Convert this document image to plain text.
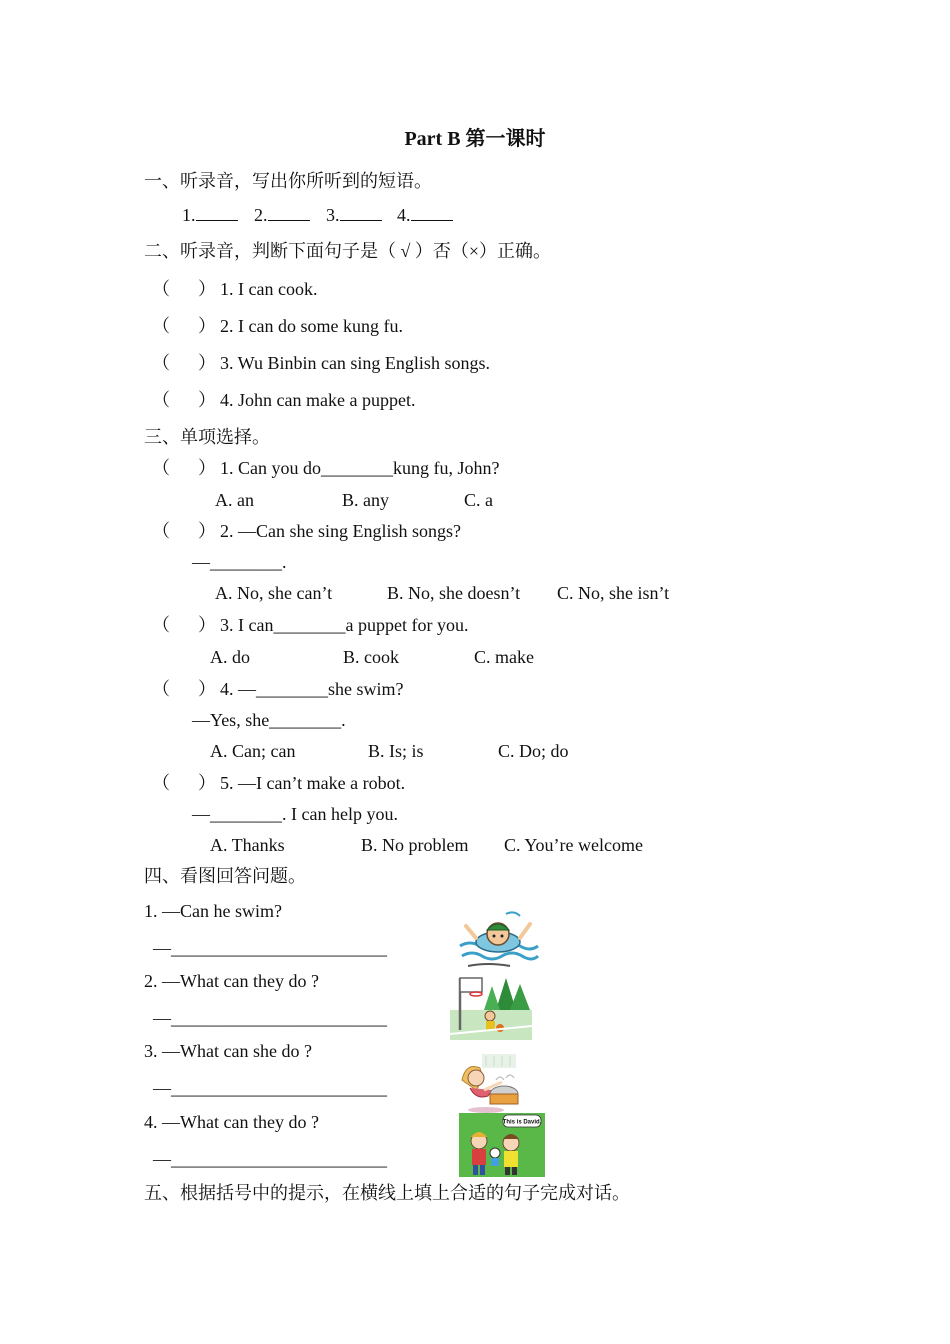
Part B 第一课时
一、听录音，写出你所听到的短语。
1.	2.	3.	4.
二、听录音，判断下面句子是（ √ ）否（×）正确。
（ ） 1. I can cook.
（ ） 2. I can do some kung fu.
（ ） 3. Wu Binbin can sing English songs.
（ ） 4. John can make a puppet.
三、单项选择。
（ ） 1. Can you do________kung fu, John?
A. an	B. any	C. a
（ ） 2. —Can she sing English songs?
—________.
A. No, she can’t	B. No, she doesn’t C. No, she isn’t
（ ） 3. I can________a puppet for you.
A. do	B. cook	C. make
（ ） 4. —________she swim?
—Yes, she________.
A. Can; can	B. Is; is	C. Do; do
（ ） 5. —I can’t make a robot.
—________. I can help you.
A. Thanks	B. No problem C. You’re welcome
四、看图回答问题。
1. —Can he swim?
—________________________
2. —What can they do ?
—________________________
3. —What can she do ?
—________________________
4. —What can they do ?
—________________________
This is David.
五、根据括号中的提示，在横线上填上合适的句子完成对话。
